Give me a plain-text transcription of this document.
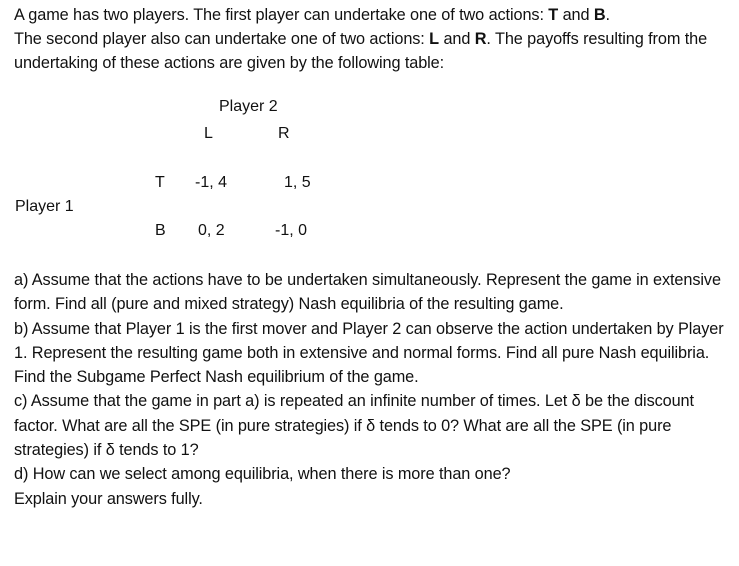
A game has two players. The first player can undertake one of two actions: T and B.
The second player also can undertake one of two actions: L and R. The payoffs resulting from the undertaking of these actions are given by the following table:
Player 2
L	R
T -1, 4	1, 5
Player 1
B 0, 2	-1, 0
a) Assume that the actions have to be undertaken simultaneously. Represent the game in extensive form. Find all (pure and mixed strategy) Nash equilibria of the resulting game.
b) Assume that Player 1 is the first mover and Player 2 can observe the action undertaken by Player 1. Represent the resulting game both in extensive and normal forms. Find all pure Nash equilibria. Find the Subgame Perfect Nash equilibrium of the game.
c) Assume that the game in part a) is repeated an infinite number of times. Let δ be the discount factor. What are all the SPE (in pure strategies) if δ tends to 0? What are all the SPE (in pure strategies) if δ tends to 1?
d) How can we select among equilibria, when there is more than one?
Explain your answers fully.
